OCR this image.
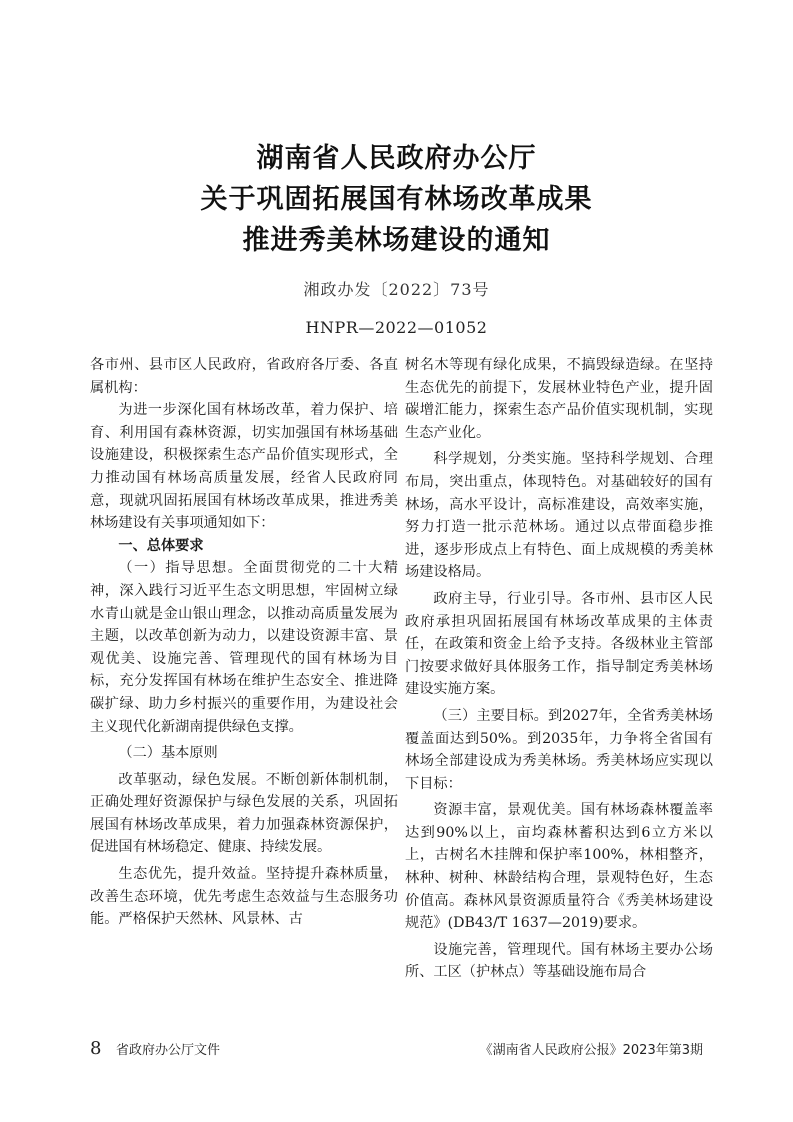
湖南省人民政府办公厅
关于巩固拓展国有林场改革成果
推进秀美林场建设的通知
湘政办发〔2022〕73号
HNPR—2022—01052

各市州、县市区人民政府，省政府各厅委、各直属机构：

为进一步深化国有林场改革，着力保护、培育、利用国有森林资源，切实加强国有林场基础设施建设，积极探索生态产品价值实现形式，全力推动国有林场高质量发展，经省人民政府同意，现就巩固拓展国有林场改革成果，推进秀美林场建设有关事项通知如下：

一、总体要求

（一）指导思想。全面贯彻党的二十大精神，深入践行习近平生态文明思想，牢固树立绿水青山就是金山银山理念，以推动高质量发展为主题，以改革创新为动力，以建设资源丰富、景观优美、设施完善、管理现代的国有林场为目标，充分发挥国有林场在维护生态安全、推进降碳扩绿、助力乡村振兴的重要作用，为建设社会主义现代化新湖南提供绿色支撑。

（二）基本原则

改革驱动，绿色发展。不断创新体制机制，正确处理好资源保护与绿色发展的关系，巩固拓展国有林场改革成果，着力加强森林资源保护，促进国有林场稳定、健康、持续发展。

生态优先，提升效益。坚持提升森林质量，改善生态环境，优先考虑生态效益与生态服务功能。严格保护天然林、风景林、古

树名木等现有绿化成果，不搞毁绿造绿。在坚持生态优先的前提下，发展林业特色产业，提升固碳增汇能力，探索生态产品价值实现机制，实现生态产业化。

科学规划，分类实施。坚持科学规划、合理布局，突出重点，体现特色。对基础较好的国有林场，高水平设计，高标准建设，高效率实施，努力打造一批示范林场。通过以点带面稳步推进，逐步形成点上有特色、面上成规模的秀美林场建设格局。

政府主导，行业引导。各市州、县市区人民政府承担巩固拓展国有林场改革成果的主体责任，在政策和资金上给予支持。各级林业主管部门按要求做好具体服务工作，指导制定秀美林场建设实施方案。

（三）主要目标。到2027年，全省秀美林场覆盖面达到50%。到2035年，力争将全省国有林场全部建设成为秀美林场。秀美林场应实现以下目标：

资源丰富，景观优美。国有林场森林覆盖率达到90%以上，亩均森林蓄积达到6立方米以上，古树名木挂牌和保护率100%，林相整齐，林种、树种、林龄结构合理，景观特色好，生态价值高。森林风景资源质量符合《秀美林场建设规范》(DB43/T 1637—2019)要求。

设施完善，管理现代。国有林场主要办公场所、工区（护林点）等基础设施布局合

8 省政府办公厅文件	《湖南省人民政府公报》2023年第3期
